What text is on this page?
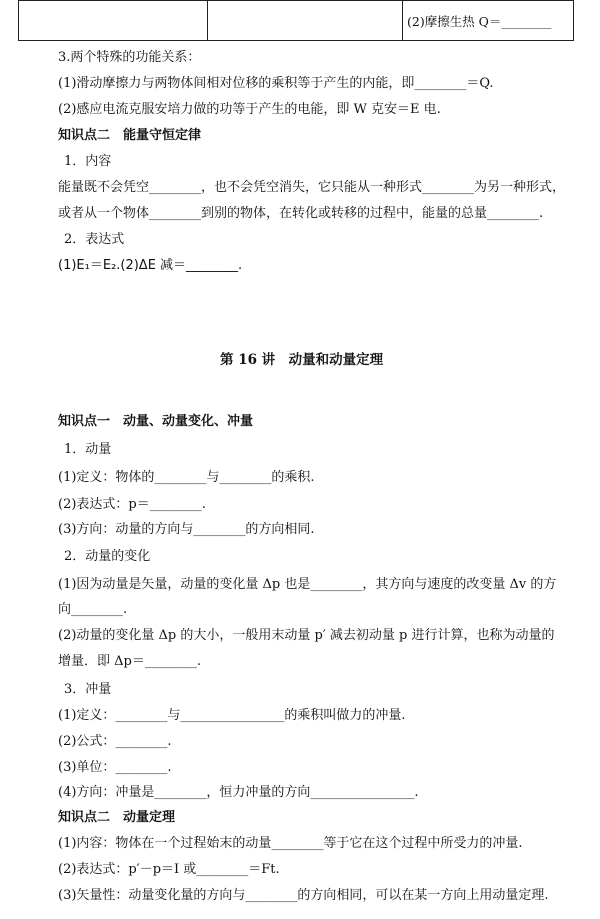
		(2)摩擦生热 Q＝________
3.两个特殊的功能关系：
(1)滑动摩擦力与两物体间相对位移的乘积等于产生的内能，即________＝Q.
(2)感应电流克服安培力做的功等于产生的电能，即 W 克安＝E 电.
知识点二　能量守恒定律
1．内容
能量既不会凭空________，也不会凭空消失，它只能从一种形式________为另一种形式，
或者从一个物体________到别的物体，在转化或转移的过程中，能量的总量________.
2．表达式
(1)E₁＝E₂.(2)ΔE 减＝________.
第 16 讲　动量和动量定理
知识点一　动量、动量变化、冲量
1．动量
(1)定义：物体的________与________的乘积.
(2)表达式：p＝________.
(3)方向：动量的方向与________的方向相同.
2．动量的变化
(1)因为动量是矢量，动量的变化量 Δp 也是________，其方向与速度的改变量 Δv 的方
向________.
(2)动量的变化量 Δp 的大小，一般用末动量 p′ 减去初动量 p 进行计算，也称为动量的
增量．即 Δp＝________.
3．冲量
(1)定义：________与________________的乘积叫做力的冲量.
(2)公式：________.
(3)单位：________.
(4)方向：冲量是________，恒力冲量的方向________________.
知识点二　动量定理
(1)内容：物体在一个过程始末的动量________等于它在这个过程中所受力的冲量.
(2)表达式：p′－p＝I 或________＝Ft.
(3)矢量性：动量变化量的方向与________的方向相同，可以在某一方向上用动量定理.
